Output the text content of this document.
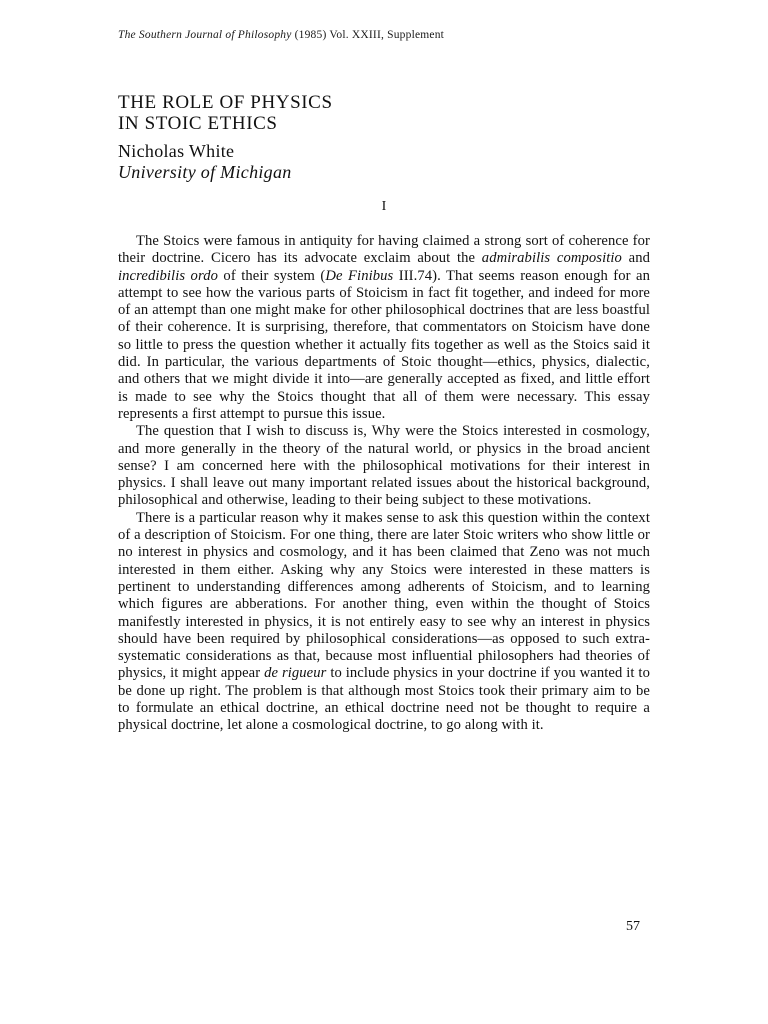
The Southern Journal of Philosophy (1985) Vol. XXIII, Supplement
THE ROLE OF PHYSICS
IN STOIC ETHICS
Nicholas White
University of Michigan
I

The Stoics were famous in antiquity for having claimed a strong sort of coherence for their doctrine. Cicero has its advocate exclaim about the admirabilis compositio and incredibilis ordo of their system (De Finibus III.74). That seems reason enough for an attempt to see how the various parts of Stoicism in fact fit together, and indeed for more of an attempt than one might make for other philosophical doctrines that are less boastful of their coherence. It is surprising, therefore, that commentators on Stoicism have done so little to press the question whether it actually fits together as well as the Stoics said it did. In particular, the various departments of Stoic thought—ethics, physics, dialectic, and others that we might divide it into—are generally accepted as fixed, and little effort is made to see why the Stoics thought that all of them were necessary. This essay represents a first attempt to pursue this issue.

The question that I wish to discuss is, Why were the Stoics interested in cosmology, and more generally in the theory of the natural world, or physics in the broad ancient sense? I am concerned here with the philosophical motivations for their interest in physics. I shall leave out many important related issues about the historical background, philosophical and otherwise, leading to their being subject to these motivations.

There is a particular reason why it makes sense to ask this question within the context of a description of Stoicism. For one thing, there are later Stoic writers who show little or no interest in physics and cosmology, and it has been claimed that Zeno was not much interested in them either. Asking why any Stoics were interested in these matters is pertinent to understanding differences among adherents of Stoicism, and to learning which figures are abberations. For another thing, even within the thought of Stoics manifestly interested in physics, it is not entirely easy to see why an interest in physics should have been required by philosophical considerations—as opposed to such extra-systematic considerations as that, because most influential philosophers had theories of physics, it might appear de rigueur to include physics in your doctrine if you wanted it to be done up right. The problem is that although most Stoics took their primary aim to be to formulate an ethical doctrine, an ethical doctrine need not be thought to require a physical doctrine, let alone a cosmological doctrine, to go along with it.

57
